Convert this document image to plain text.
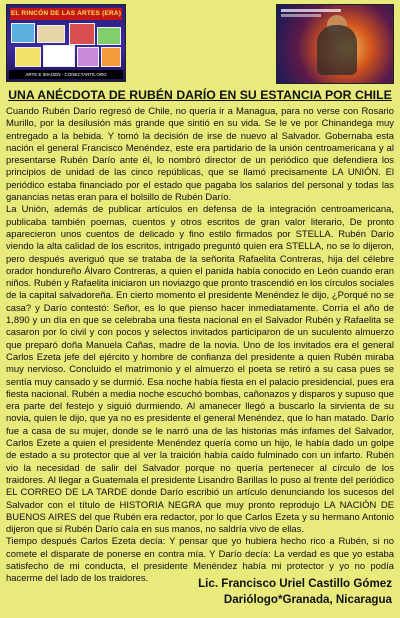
EL RINCÓN DE LAS ARTES (ERA)
ARTE E IMAGEN - CONECTARTE.ORG
UNA ANÉCDOTA DE RUBÉN DARÍO EN SU ESTANCIA POR CHILE

Cuando Rubén Darío regresó de Chile, no quería ir a Managua, para no verse con Rosario Murillo, por la desilusión más grande que sintió en su vida. Se le ve por Chinandega muy entregado a la bebida. Y tomó la decisión de irse de nuevo al Salvador. Gobernaba esta nación el general Francisco Menéndez, este era partidario de la unión centroamericana y al presentarse Rubén Darío ante él, lo nombró director de un periódico que defendiera los principios de unidad de las cinco repúblicas, que se llamó precisamente LA UNIÓN. El periódico estaba financiado por el estado que pagaba los salarios del personal y todas las ganancias netas eran para el bolsillo de Rubén Darío.

La Unión, además de publicar artículos en defensa de la integración centroamericana, publicaba también poemas, cuentos y otros escritos de gran valor literario, De pronto aparecieron unos cuentos de delicado y fino estilo firmados por STELLA. Rubén Darío viendo la alta calidad de los escritos, intrigado preguntó quien era STELLA, no se lo dijeron, pero después averiguó que se trataba de la señorita Rafaelita Contreras, hija del célebre orador hondureño Álvaro Contreras, a quien el panida había conocido en León cuando eran niños. Rubén y Rafaelita iniciaron un noviazgo que pronto trascendió en los círculos sociales de la capital salvadoreña. En cierto momento el presidente Menéndez le dijo, ¿Porqué no se casa? y Darío contestó: Señor, es lo que pienso hacer inmediatamente. Corría el año de 1,890 y un día en que se celebraba una fiesta nacional en el Salvador Rubén y Rafaelita se casaron por lo civil y con pocos y selectos invitados participaron de un suculento almuerzo que preparó doña Manuela Cañas, madre de la novia. Uno de los invitados era el general Carlos Ezeta jefe del ejército y hombre de confianza del presidente a quien Rubén miraba muy nervioso. Concluido el matrimonio y el almuerzo el poeta se retiró a su casa pues se sentía muy cansado y se durmió. Esa noche había fiesta en el palacio presidencial, pues era fiesta nacional. Rubén a media noche escuchó bombas, cañonazos y disparos y supuso que era parte del festejo y siguió durmiendo. Al amanecer llegó a buscarlo la sirvienta de su novia, quien le dijo, que ya no es presidente el general Menéndez, que lo han matado. Darío fue a casa de su mujer, donde se le narró una de las historias más infames del Salvador, Carlos Ezete a quien el presidente Menéndez quería como un hijo, le había dado un golpe de estado a su protector que al ver la traición había caído fulminado con un infarto. Rubén vio la necesidad de salir del Salvador porque no quería pertenecer al círculo de los traidores. Al llegar a Guatemala el presidente Lisandro Barillas lo puso al frente del periódico EL CORREO DE LA TARDE donde Darío escribió un artículo denunciando los sucesos del Salvador con el título de HISTORIA NEGRA que muy pronto reprodujo LA NACIÓN DE BUENOS AIRES del que Rubén era redactor, por lo que Carlos Ezeta y su hermano Antonio dijeron que si Rubén Darío caía en sus manos, no saldría vivo de ellas.

Tiempo después Carlos Ezeta decía: Y pensar que yo hubiera hecho rico a Rubén, si no comete el disparate de ponerse en contra mía. Y Darío decía: La verdad es que yo estaba satisfecho de mi conducta, el presidente Menéndez había mi protector y yo no podía hacerme del lado de los traidores.	Lic. Francisco Uriel Castillo Gómez
Dariólogo*Granada, Nicaragua
